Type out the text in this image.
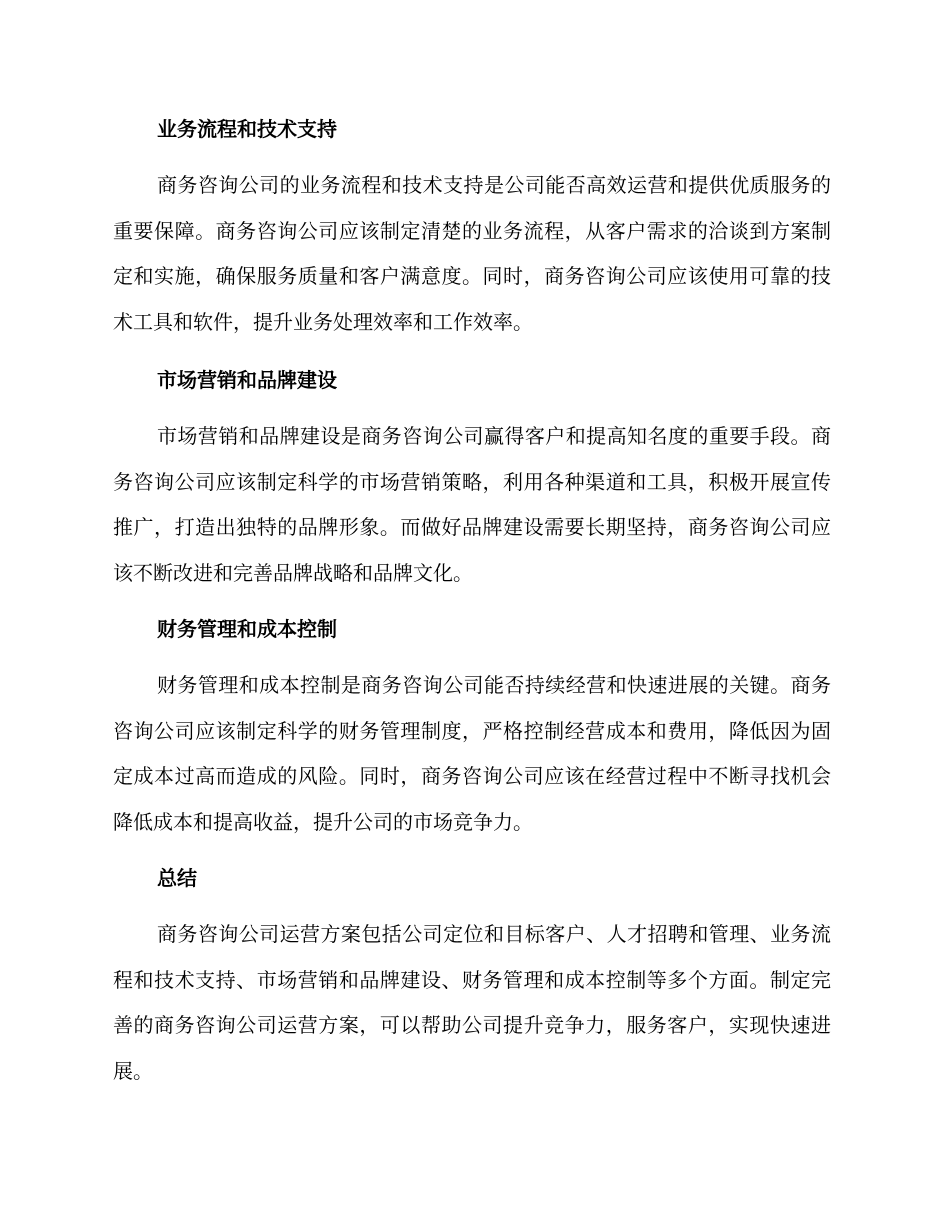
业务流程和技术支持

商务咨询公司的业务流程和技术支持是公司能否高效运营和提供优质服务的重要保障。商务咨询公司应该制定清楚的业务流程，从客户需求的洽谈到方案制定和实施，确保服务质量和客户满意度。同时，商务咨询公司应该使用可靠的技术工具和软件，提升业务处理效率和工作效率。

市场营销和品牌建设

市场营销和品牌建设是商务咨询公司赢得客户和提高知名度的重要手段。商务咨询公司应该制定科学的市场营销策略，利用各种渠道和工具，积极开展宣传推广，打造出独特的品牌形象。而做好品牌建设需要长期坚持，商务咨询公司应该不断改进和完善品牌战略和品牌文化。

财务管理和成本控制

财务管理和成本控制是商务咨询公司能否持续经营和快速进展的关键。商务咨询公司应该制定科学的财务管理制度，严格控制经营成本和费用，降低因为固定成本过高而造成的风险。同时，商务咨询公司应该在经营过程中不断寻找机会降低成本和提高收益，提升公司的市场竞争力。

总结

商务咨询公司运营方案包括公司定位和目标客户、人才招聘和管理、业务流程和技术支持、市场营销和品牌建设、财务管理和成本控制等多个方面。制定完善的商务咨询公司运营方案，可以帮助公司提升竞争力，服务客户，实现快速进展。
